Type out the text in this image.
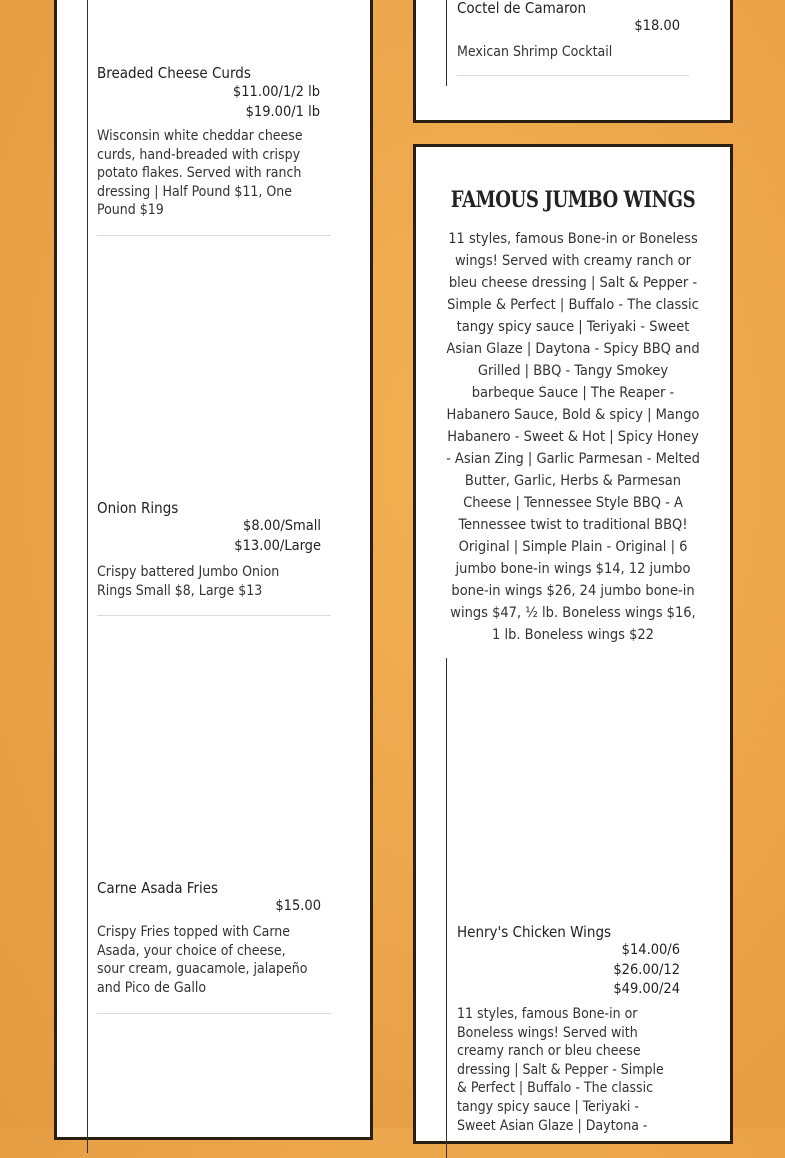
Breaded Cheese Curds
$11.00/1/2 lb
$19.00/1 lb
Wisconsin white cheddar cheese curds, hand-breaded with crispy potato flakes. Served with ranch dressing | Half Pound $11, One Pound $19
Onion Rings
$8.00/Small
$13.00/Large
Crispy battered Jumbo Onion Rings Small $8, Large $13
Carne Asada Fries
$15.00
Crispy Fries topped with Carne Asada, your choice of cheese, sour cream, guacamole, jalapeño and Pico de Gallo
Coctel de Camaron
$18.00
Mexican Shrimp Cocktail
FAMOUS JUMBO WINGS
11 styles, famous Bone-in or Boneless wings! Served with creamy ranch or bleu cheese dressing | Salt & Pepper - Simple & Perfect | Buffalo - The classic tangy spicy sauce | Teriyaki - Sweet Asian Glaze | Daytona - Spicy BBQ and Grilled | BBQ - Tangy Smokey barbeque Sauce | The Reaper - Habanero Sauce, Bold & spicy | Mango Habanero - Sweet & Hot | Spicy Honey - Asian Zing | Garlic Parmesan - Melted Butter, Garlic, Herbs & Parmesan Cheese | Tennessee Style BBQ - A Tennessee twist to traditional BBQ! Original | Simple Plain - Original | 6 jumbo bone-in wings $14, 12 jumbo bone-in wings $26, 24 jumbo bone-in wings $47, ½ lb. Boneless wings $16, 1 lb. Boneless wings $22
Henry's Chicken Wings
$14.00/6
$26.00/12
$49.00/24
11 styles, famous Bone-in or Boneless wings! Served with creamy ranch or bleu cheese dressing | Salt & Pepper - Simple & Perfect | Buffalo - The classic tangy spicy sauce | Teriyaki - Sweet Asian Glaze | Daytona -
